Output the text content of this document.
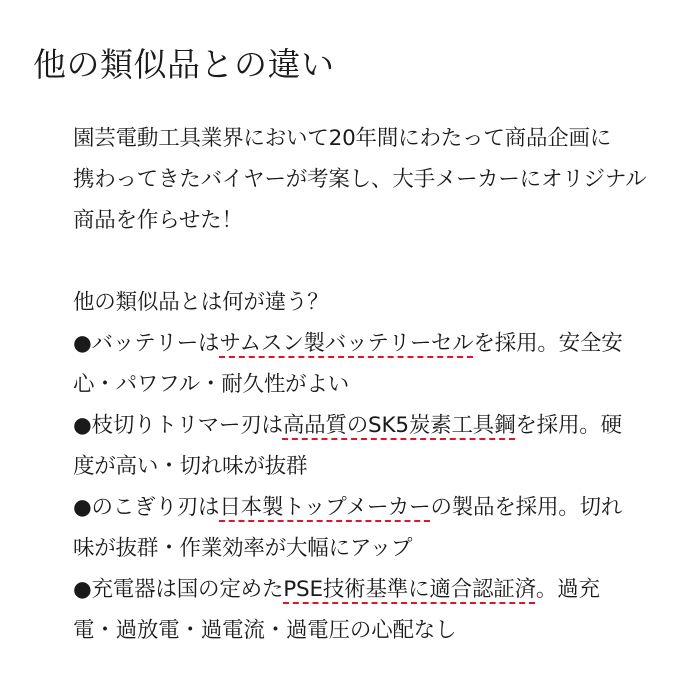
他の類似品との違い
園芸電動工具業界において20年間にわたって商品企画に
携わってきたバイヤーが考案し、大手メーカーにオリジナル
商品を作らせた！
他の類似品とは何が違う？
●バッテリーはサムスン製バッテリーセルを採用。安全安
心・パワフル・耐久性がよい
●枝切りトリマー刃は高品質のSK5炭素工具鋼を採用。硬
度が高い・切れ味が抜群
●のこぎり刃は日本製トップメーカーの製品を採用。切れ
味が抜群・作業効率が大幅にアップ
●充電器は国の定めたPSE技術基準に適合認証済。過充
電・過放電・過電流・過電圧の心配なし
